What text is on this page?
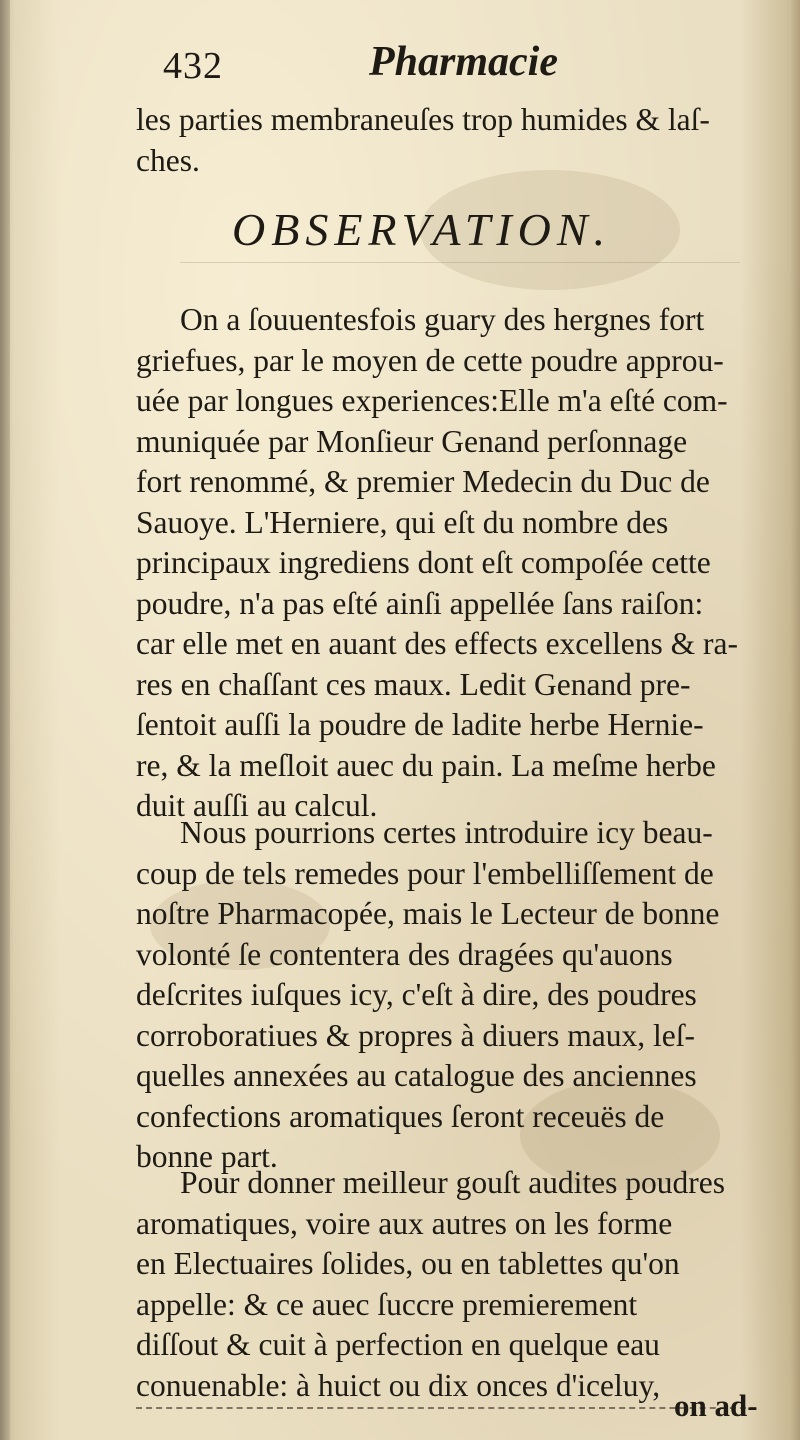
432	Pharmacie
les parties membraneuſes trop humides & laſ-
ches.
OBSERVATION.
On a ſouuentesfois guary des hergnes fort
griefues, par le moyen de cette poudre approu-
uée par longues experiences:Elle m'a eſté com-
muniquée par Monſieur Genand perſonnage
fort renommé, & premier Medecin du Duc de
Sauoye. L'Herniere, qui eſt du nombre des
principaux ingrediens dont eſt compoſée cette
poudre, n'a pas eſté ainſi appellée ſans raiſon:
car elle met en auant des effects excellens & ra-
res en chaſſant ces maux. Ledit Genand pre-
ſentoit auſſi la poudre de ladite herbe Hernie-
re, & la meſloit auec du pain. La meſme herbe
duit auſſi au calcul.
Nous pourrions certes introduire icy beau-
coup de tels remedes pour l'embelliſſement de
noſtre Pharmacopée, mais le Lecteur de bonne
volonté ſe contentera des dragées qu'auons
deſcrites iuſques icy, c'eſt à dire, des poudres
corroboratiues & propres à diuers maux, leſ-
quelles annexées au catalogue des anciennes
confections aromatiques ſeront receuës de
bonne part.
Pour donner meilleur gouſt audites poudres
aromatiques, voire aux autres on les forme
en Electuaires ſolides, ou en tablettes qu'on
appelle: & ce auec ſuccre premierement
diſſout & cuit à perfection en quelque eau
conuenable: à huict ou dix onces d'iceluy,
on ad-
